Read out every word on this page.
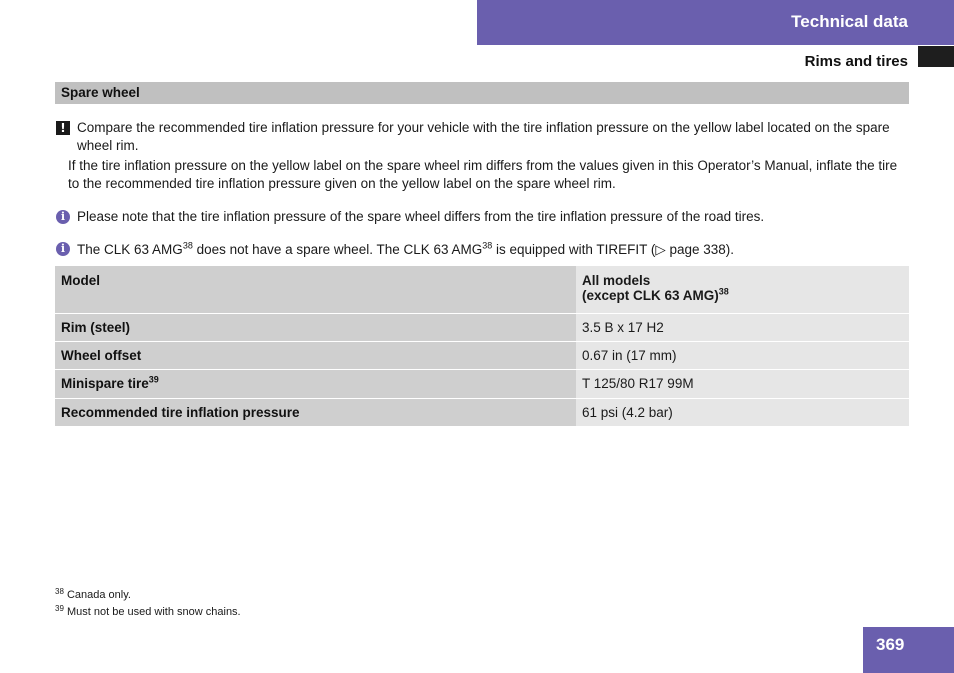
Technical data
Rims and tires
Spare wheel
! Compare the recommended tire inflation pressure for your vehicle with the tire inflation pressure on the yellow label located on the spare wheel rim.
If the tire inflation pressure on the yellow label on the spare wheel rim differs from the values given in this Operator’s Manual, inflate the tire to the recommended tire inflation pressure given on the yellow label on the spare wheel rim.
i Please note that the tire inflation pressure of the spare wheel differs from the tire inflation pressure of the road tires.
i The CLK 63 AMG$^{38}$ does not have a spare wheel. The CLK 63 AMG$^{38}$ is equipped with TIREFIT (▷ page 338).
Model	All models
(except CLK 63 AMG)$^{38}$
Rim (steel)	3.5 B x 17 H2
Wheel offset	0.67 in (17 mm)
Minispare tire$^{39}$	T 125/80 R17 99M
Recommended tire inflation pressure	61 psi (4.2 bar)
$^{38}$ Canada only.
$^{39}$ Must not be used with snow chains.
369
